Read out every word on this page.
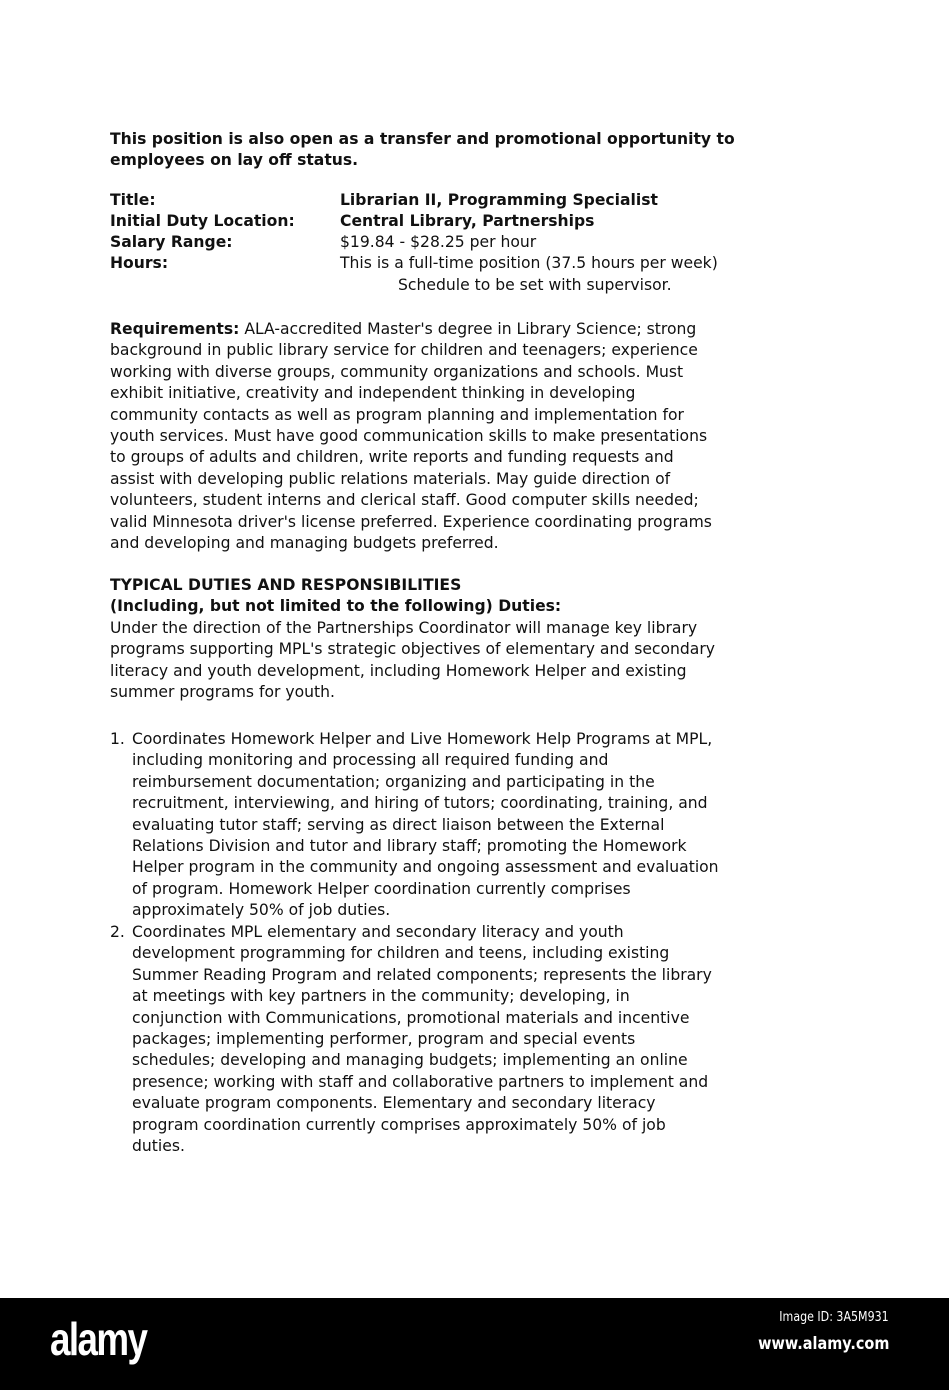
This position is also open as a transfer and promotional opportunity to
employees on lay off status.
Title:	Librarian II, Programming Specialist
Initial Duty Location:	Central Library, Partnerships
Salary Range:	$19.84 - $28.25 per hour
Hours:	This is a full-time position (37.5 hours per week)
Schedule to be set with supervisor.
Requirements: ALA-accredited Master's degree in Library Science; strong
background in public library service for children and teenagers; experience
working with diverse groups, community organizations and schools. Must
exhibit initiative, creativity and independent thinking in developing
community contacts as well as program planning and implementation for
youth services. Must have good communication skills to make presentations
to groups of adults and children, write reports and funding requests and
assist with developing public relations materials. May guide direction of
volunteers, student interns and clerical staff. Good computer skills needed;
valid Minnesota driver's license preferred. Experience coordinating programs
and developing and managing budgets preferred.
TYPICAL DUTIES AND RESPONSIBILITIES
(Including, but not limited to the following) Duties:
Under the direction of the Partnerships Coordinator will manage key library
programs supporting MPL's strategic objectives of elementary and secondary
literacy and youth development, including Homework Helper and existing
summer programs for youth.
1. Coordinates Homework Helper and Live Homework Help Programs at MPL,
including monitoring and processing all required funding and
reimbursement documentation; organizing and participating in the
recruitment, interviewing, and hiring of tutors; coordinating, training, and
evaluating tutor staff; serving as direct liaison between the External
Relations Division and tutor and library staff; promoting the Homework
Helper program in the community and ongoing assessment and evaluation
of program. Homework Helper coordination currently comprises
approximately 50% of job duties.
2. Coordinates MPL elementary and secondary literacy and youth
development programming for children and teens, including existing
Summer Reading Program and related components; represents the library
at meetings with key partners in the community; developing, in
conjunction with Communications, promotional materials and incentive
packages; implementing performer, program and special events
schedules; developing and managing budgets; implementing an online
presence; working with staff and collaborative partners to implement and
evaluate program components. Elementary and secondary literacy
program coordination currently comprises approximately 50% of job
duties.
alamy	Image ID: 3A5M931
www.alamy.com
